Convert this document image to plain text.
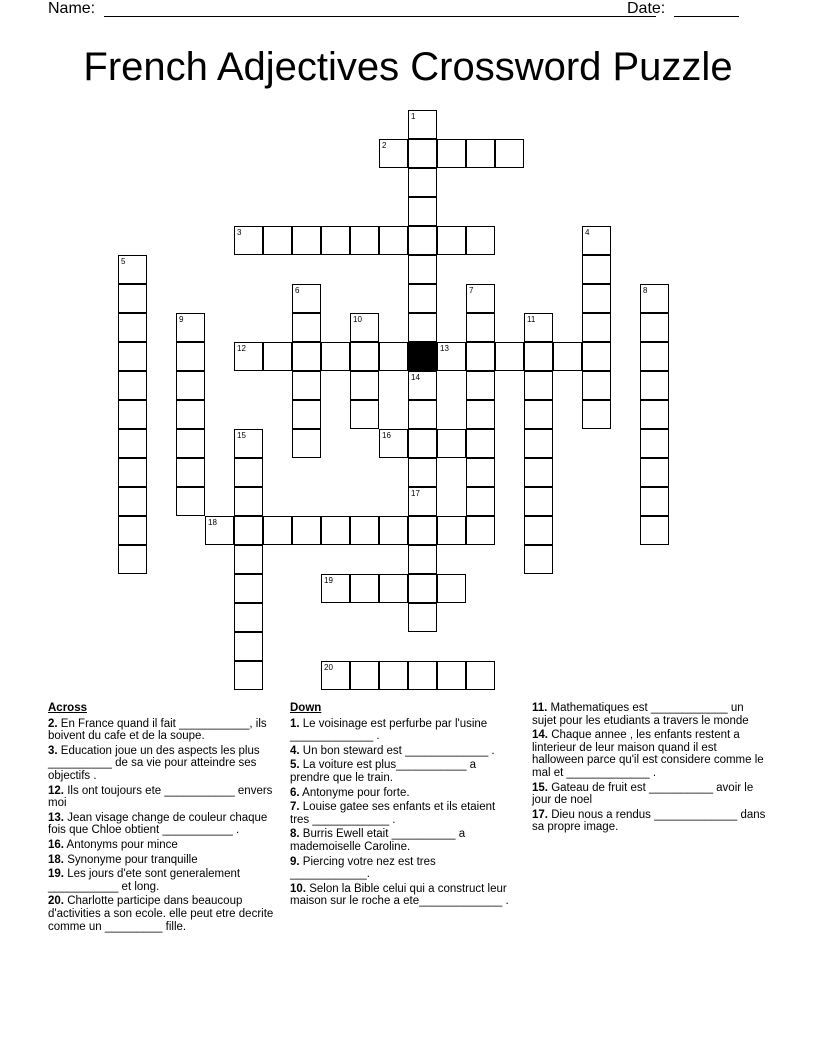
Name:	Date:
French Adjectives Crossword Puzzle
1
14
17
2
3	4
5
6	7	8
9	10	11
12	13
15	16
18
19
20
Across
2. En France quand il fait ___________, ils boivent du cafe et de la soupe.
3. Education joue un des aspects les plus __________ de sa vie pour atteindre ses objectifs .
12. Ils ont toujours ete ___________ envers moi
13. Jean visage change de couleur chaque fois que Chloe obtient ___________ .
16. Antonyms pour mince
18. Synonyme pour tranquille
19. Les jours d'ete sont generalement ___________ et long.
20. Charlotte participe dans beaucoup d'activities a son ecole. elle peut etre decrite comme un _________ fille.
Down
1. Le voisinage est perfurbe par l'usine _____________ .
4. Un bon steward est _____________ .
5. La voiture est plus___________ a prendre que le train.
6. Antonyme pour forte.
7. Louise gatee ses enfants et ils etaient tres ____________ .
8. Burris Ewell etait __________ a mademoiselle Caroline.
9. Piercing votre nez est tres ____________.
10. Selon la Bible celui qui a construct leur maison sur le roche a ete_____________ .
11. Mathematiques est ____________ un sujet pour les etudiants a travers le monde
14. Chaque annee , les enfants restent a linterieur de leur maison quand il est halloween parce qu'il est considere comme le mal et _____________ .
15. Gateau de fruit est __________ avoir le jour de noel
17. Dieu nous a rendus _____________ dans sa propre image.
